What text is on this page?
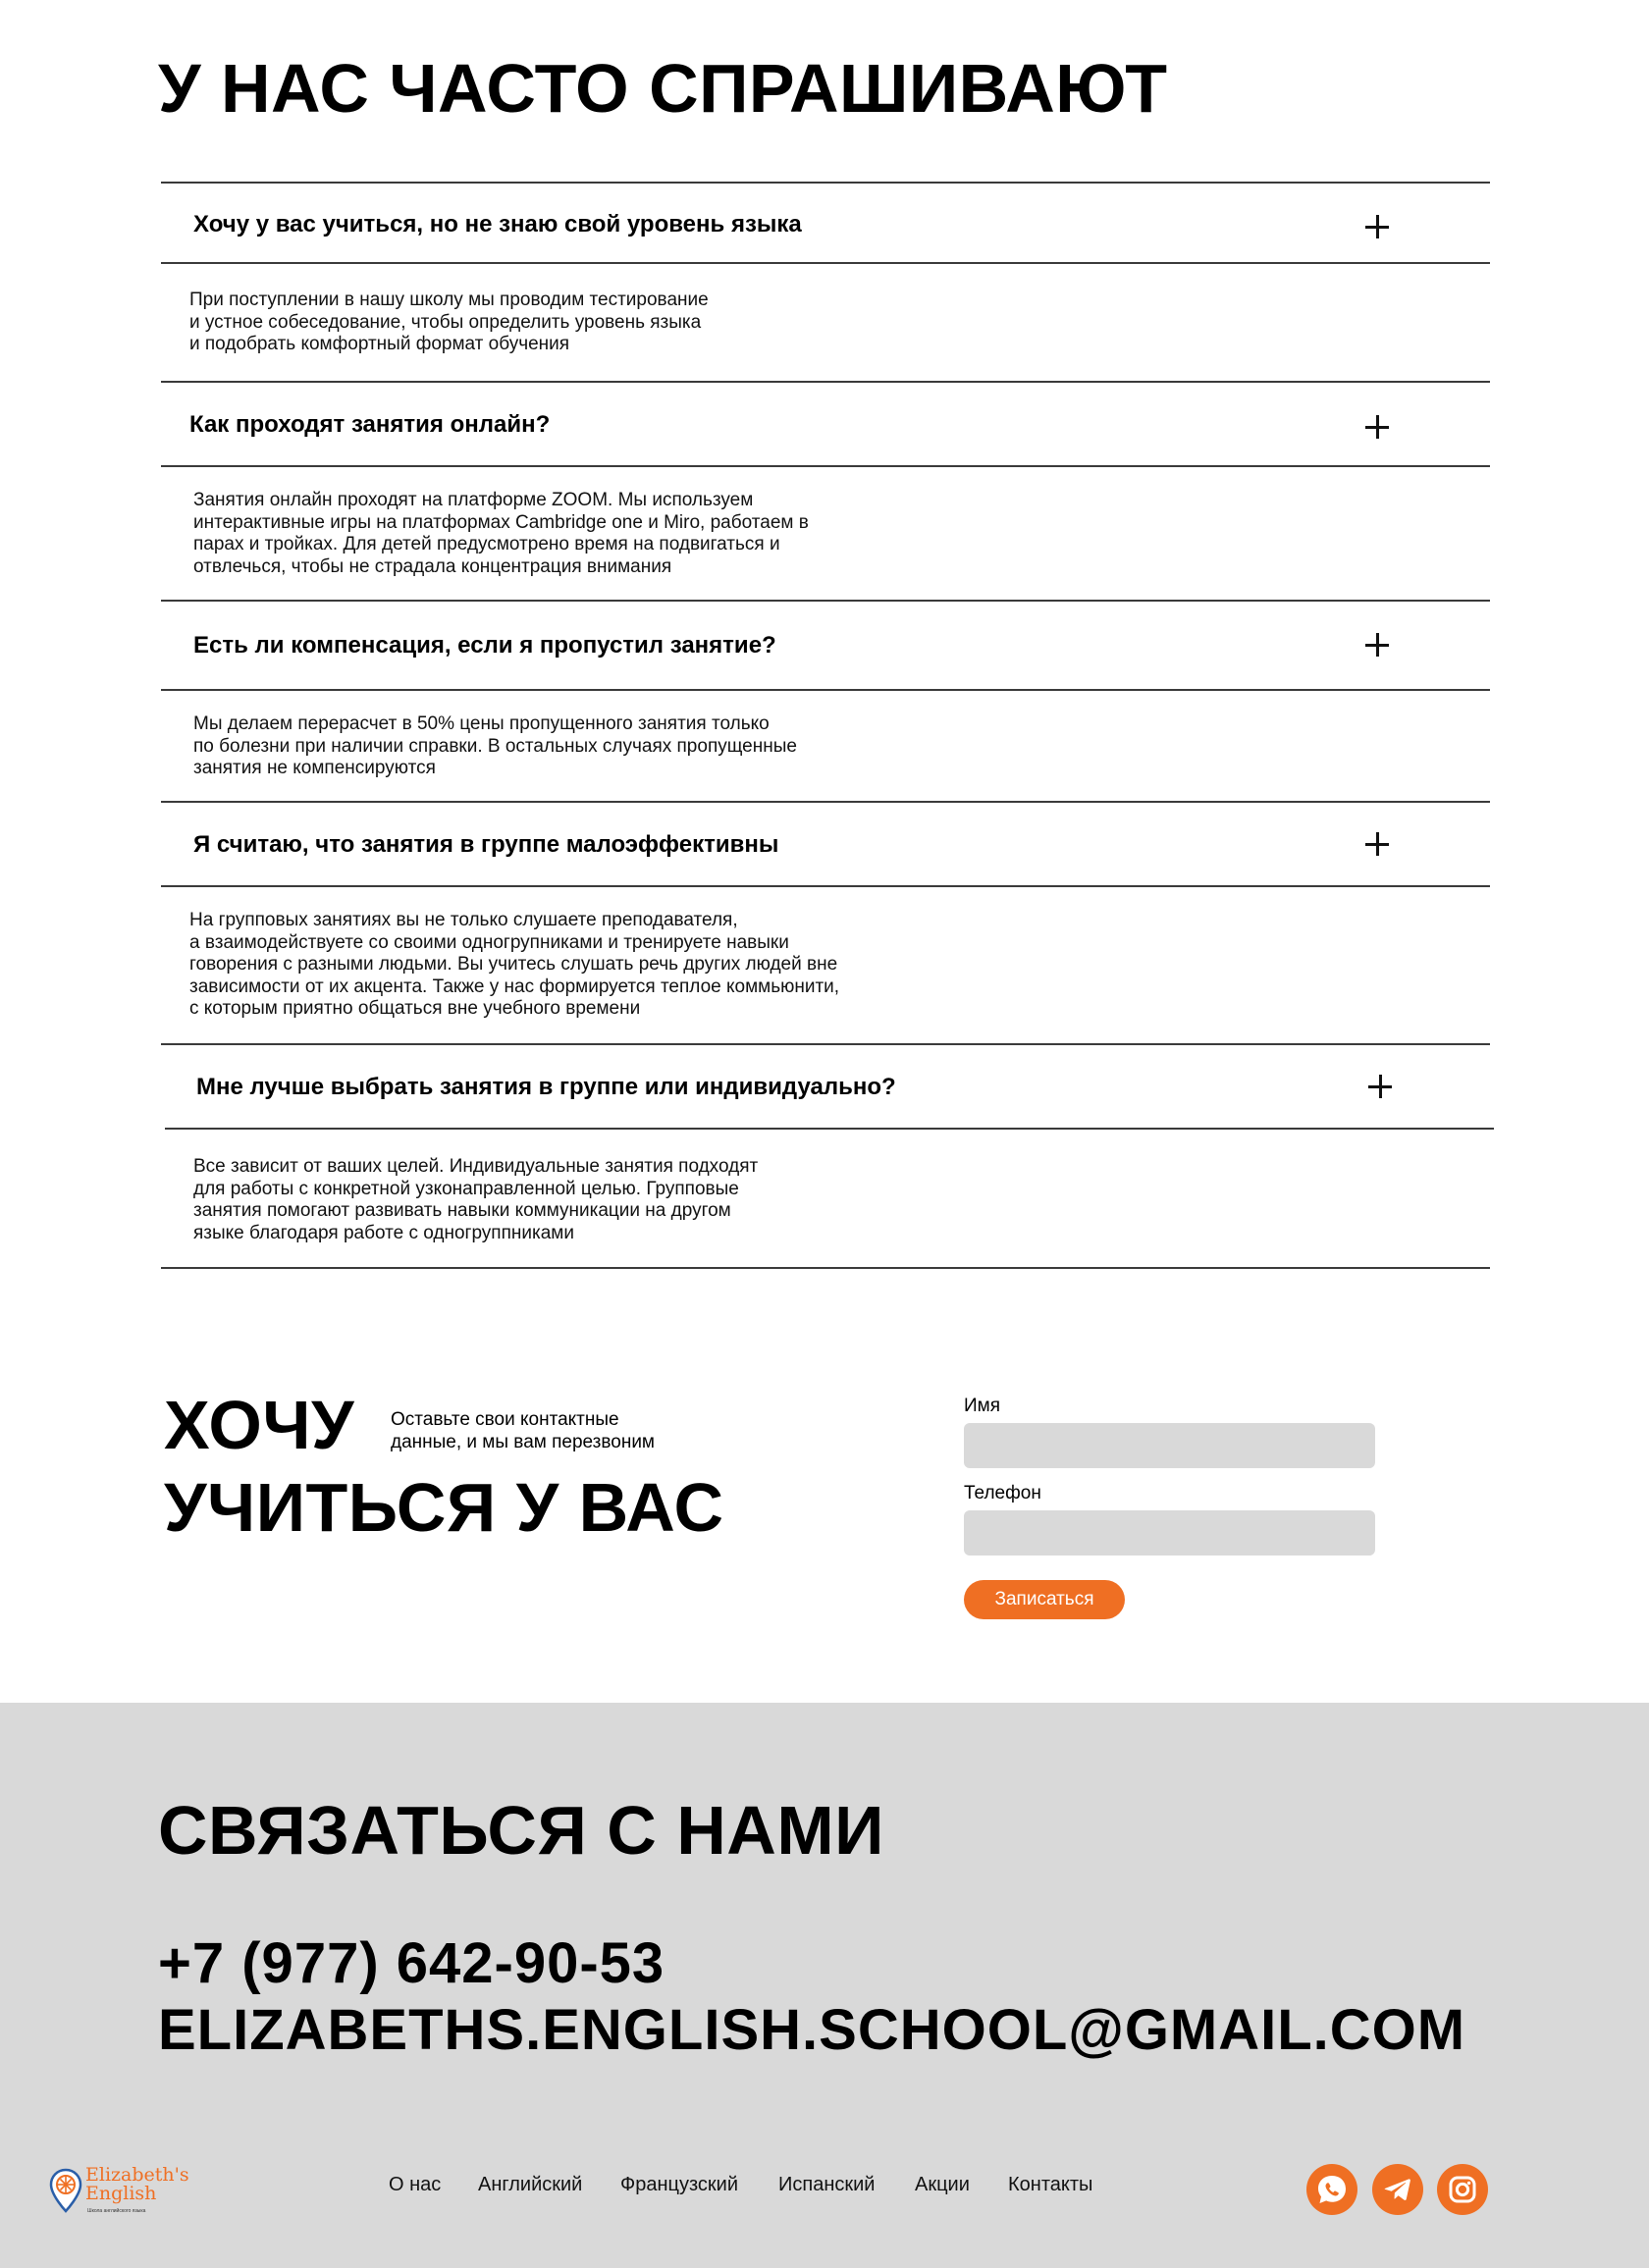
У НАС ЧАСТО СПРАШИВАЮТ
Хочу у вас учиться, но не знаю свой уровень языка
При поступлении в нашу школу мы проводим тестирование
и устное собеседование, чтобы определить уровень языка
и подобрать комфортный формат обучения
Как проходят занятия онлайн?
Занятия онлайн проходят на платформе ZOOM. Мы используем
интерактивные игры на платформах Cambridge one и Miro, работаем в
парах и тройках. Для детей предусмотрено время на подвигаться и
отвлечься, чтобы не страдала концентрация внимания
Есть ли компенсация, если я пропустил занятие?
Мы делаем перерасчет в 50% цены пропущенного занятия только
по болезни при наличии справки. В остальных случаях пропущенные
занятия не компенсируются
Я считаю, что занятия в группе малоэффективны
На групповых занятиях вы не только слушаете преподавателя,
а взаимодействуете со своими одногрупниками и тренируете навыки
говорения с разными людьми. Вы учитесь слушать речь других людей вне
зависимости от их акцента. Также у нас формируется теплое коммьюнити,
с которым приятно общаться вне учебного времени
Мне лучше выбрать занятия в группе или индивидуально?
Все зависит от ваших целей. Индивидуальные занятия подходят
для работы с конкретной узконаправленной целью. Групповые
занятия помогают развивать навыки коммуникации на другом
языке благодаря работе с одногруппниками
ХОЧУ
УЧИТЬСЯ У ВАС

Оставьте свои контактные
данные, и мы вам перезвоним

Имя
Телефон
Записаться
СВЯЗАТЬСЯ С НАМИ
+7 (977) 642-90-53
ELIZABETHS.ENGLISH.SCHOOL@GMAIL.COM
Elizabeth's
English
Школа английского языка
О нас Английский Французский Испанский Акции Контакты
